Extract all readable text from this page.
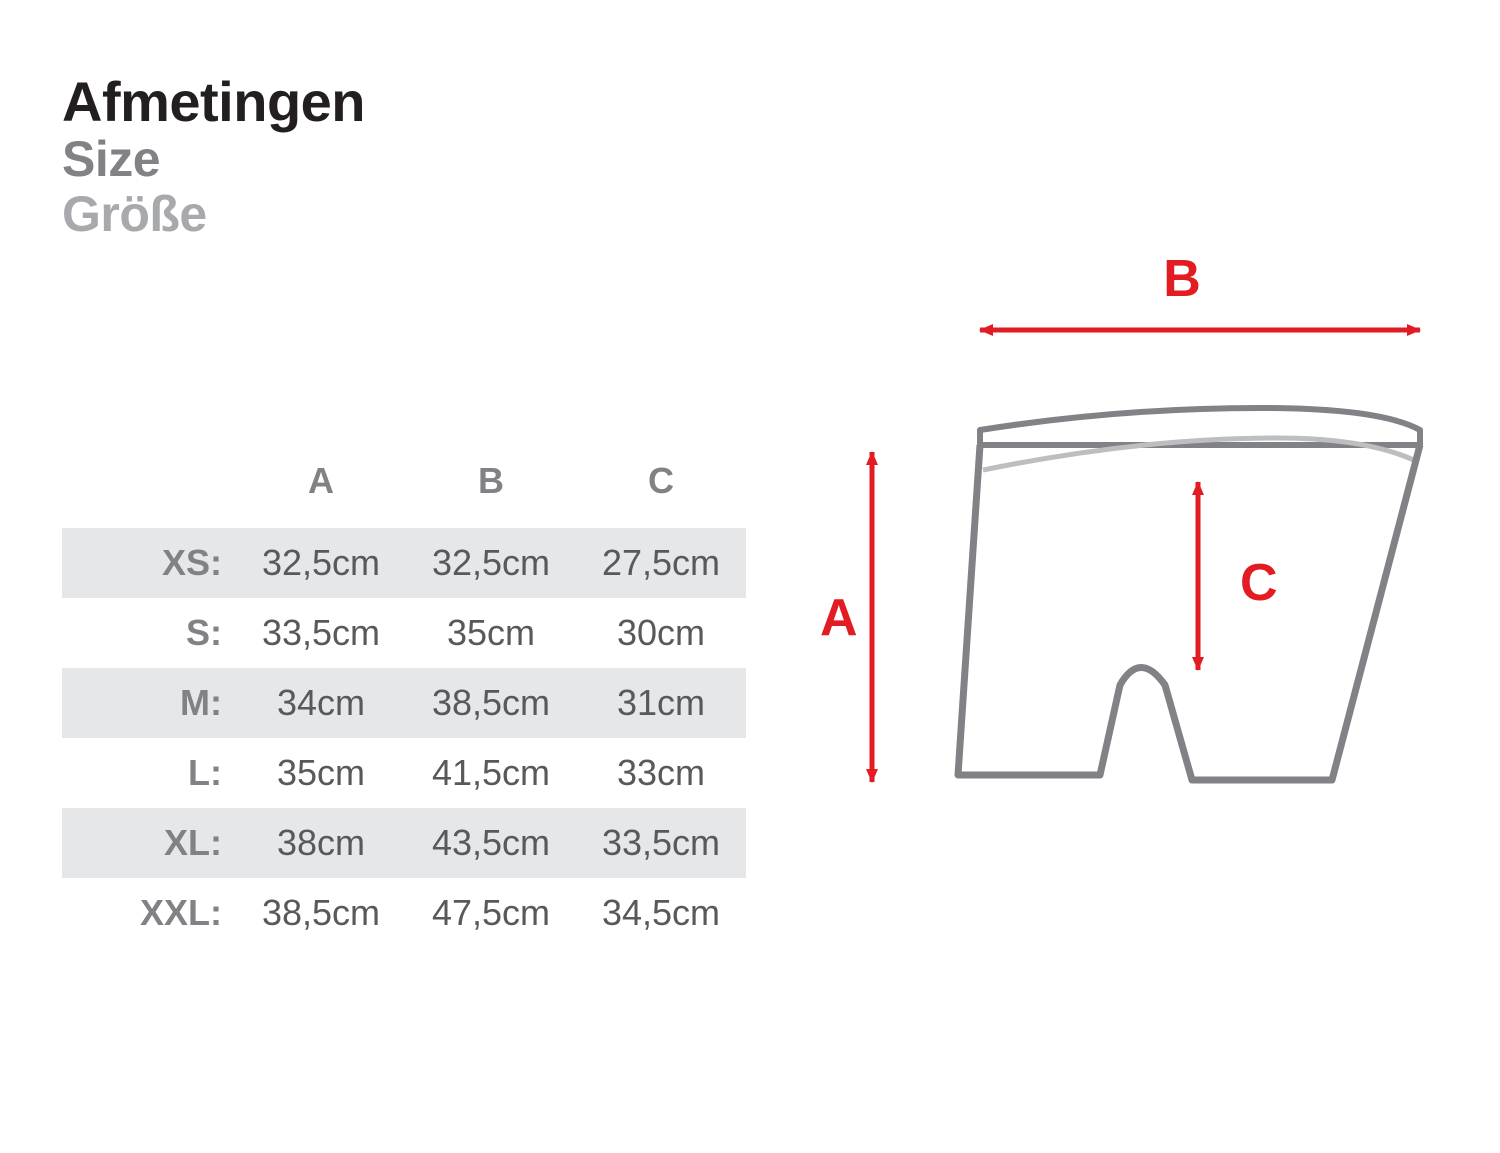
Afmetingen
Size
Größe
	A	B	C
XS:	32,5cm	32,5cm	27,5cm
S:	33,5cm	35cm	30cm
M:	34cm	38,5cm	31cm
L:	35cm	41,5cm	33cm
XL:	38cm	43,5cm	33,5cm
XXL:	38,5cm	47,5cm	34,5cm
B
A
C
